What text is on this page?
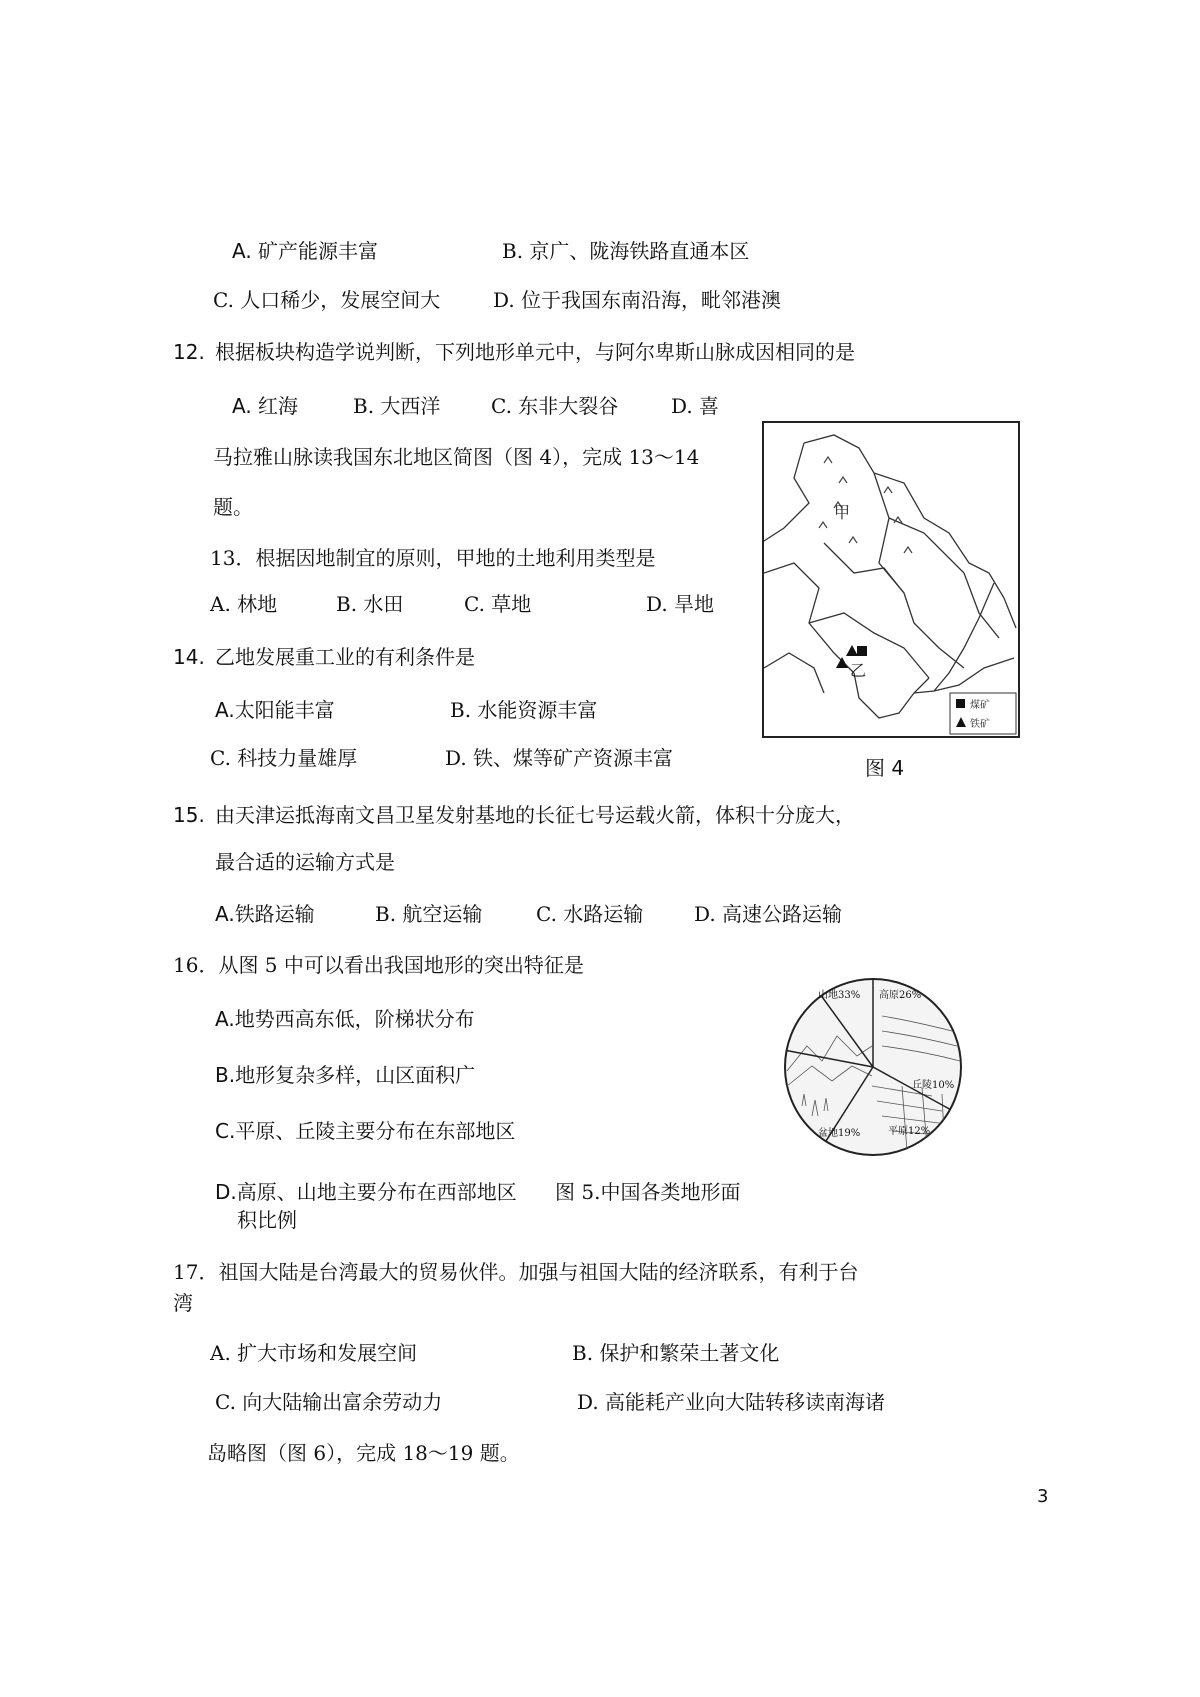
A. 矿产能源丰富	B. 京广、陇海铁路直通本区
C. 人口稀少，发展空间大	D. 位于我国东南沿海，毗邻港澳
12. 根据板块构造学说判断，下列地形单元中，与阿尔卑斯山脉成因相同的是
A. 红海	B. 大西洋	C. 东非大裂谷	D. 喜
马拉雅山脉读我国东北地区简图（图 4），完成 13～14
题。
13．根据因地制宜的原则，甲地的土地利用类型是
A. 林地	B. 水田	C. 草地	D. 旱地
14. 乙地发展重工业的有利条件是
A.太阳能丰富	B. 水能资源丰富
C. 科技力量雄厚	D. 铁、煤等矿产资源丰富
甲
乙
煤矿
铁矿
图 4
15. 由天津运抵海南文昌卫星发射基地的长征七号运载火箭，体积十分庞大，
最合适的运输方式是
A.铁路运输	B. 航空运输	C. 水路运输	D. 高速公路运输
16．从图 5 中可以看出我国地形的突出特征是
A.地势西高东低，阶梯状分布
B.地形复杂多样，山区面积广
C.平原、丘陵主要分布在东部地区
D.高原、山地主要分布在西部地区 图 5.中国各类地形面
积比例
山地33% 高原26%
丘陵10%
盆地19%	平原12%
17．祖国大陆是台湾最大的贸易伙伴。加强与祖国大陆的经济联系，有利于台
湾
A. 扩大市场和发展空间	B. 保护和繁荣土著文化
C. 向大陆输出富余劳动力	D. 高能耗产业向大陆转移读南海诸
岛略图（图 6），完成 18～19 题。
3
